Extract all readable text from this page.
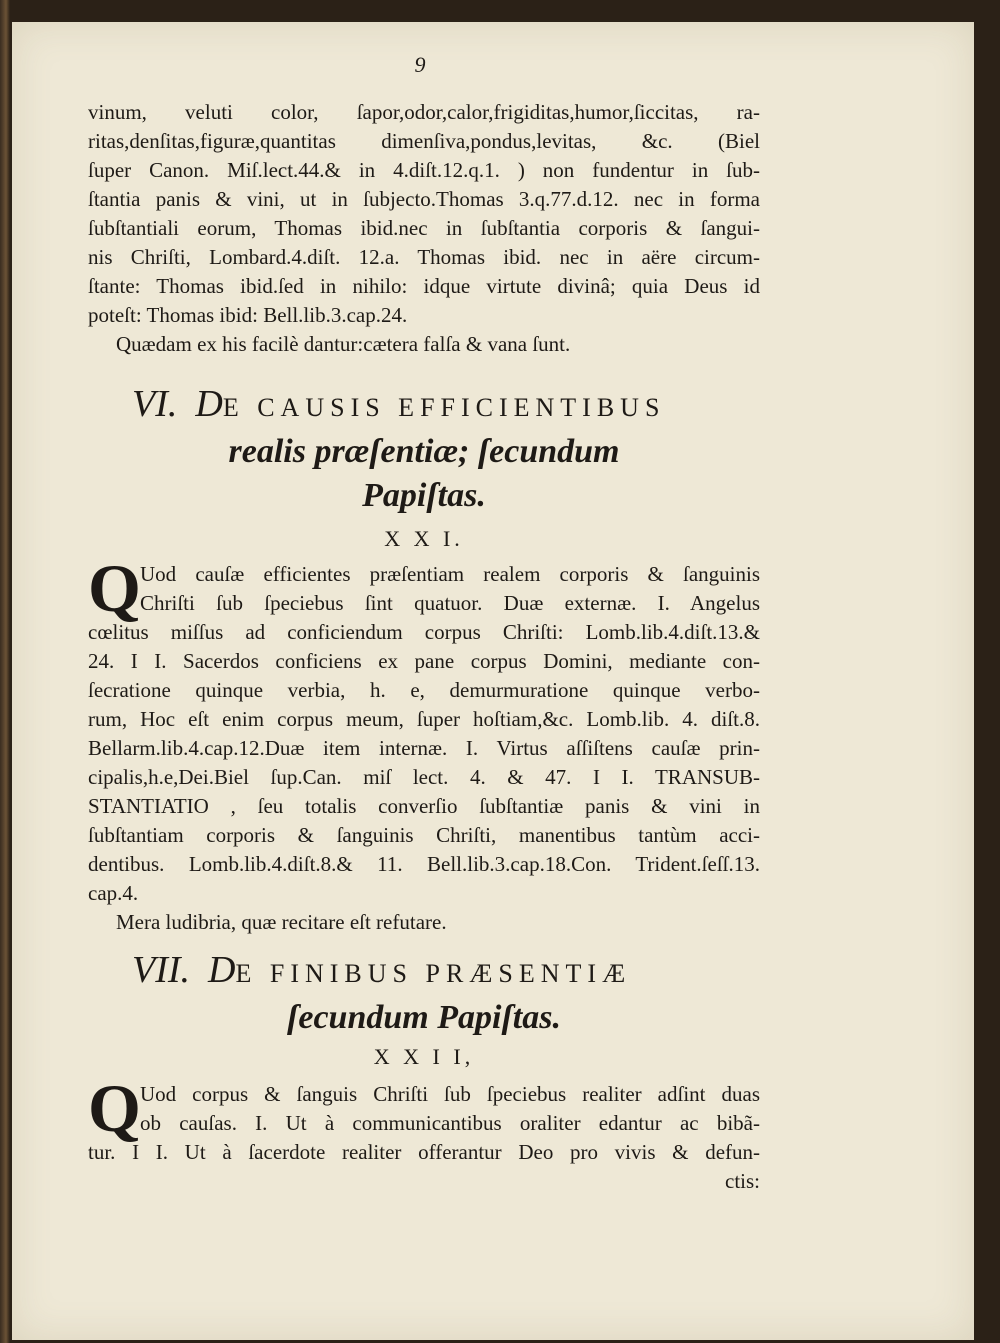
9
vinum, veluti color, ſapor,odor,calor,frigiditas,humor,ſiccitas, ra-
ritas,denſitas,figuræ,quantitas dimenſiva,pondus,levitas, &c. (Biel
ſuper Canon. Miſ.lect.44.& in 4.diſt.12.q.1. ) non fundentur in ſub-
ſtantia panis & vini, ut in ſubjecto.Thomas 3.q.77.d.12. nec in forma
ſubſtantiali eorum, Thomas ibid.nec in ſubſtantia corporis & ſangui-
nis Chriſti, Lombard.4.diſt. 12.a. Thomas ibid. nec in aëre circum-
ſtante: Thomas ibid.ſed in nihilo: idque virtute divinâ; quia Deus id
poteſt: Thomas ibid: Bell.lib.3.cap.24.
Quædam ex his facilè dantur:cætera falſa & vana ſunt.
VI. DE CAUSIS EFFICIENTIBUS
realis præſentiæ; ſecundum
Papiſtas.
X X I.
Q Uod cauſæ efficientes præſentiam realem corporis & ſanguinis
Chriſti ſub ſpeciebus ſint quatuor. Duæ externæ. I. Angelus
cœlitus miſſus ad conficiendum corpus Chriſti: Lomb.lib.4.diſt.13.&
24. I I. Sacerdos conficiens ex pane corpus Domini, mediante con-
ſecratione quinque verbia, h. e, demurmuratione quinque verbo-
rum, Hoc eſt enim corpus meum, ſuper hoſtiam,&c. Lomb.lib. 4. diſt.8.
Bellarm.lib.4.cap.12.Duæ item internæ. I. Virtus aſſiſtens cauſæ prin-
cipalis,h.e,Dei.Biel ſup.Can. miſ lect. 4. & 47. I I. TRANSUB-
STANTIATIO , ſeu totalis converſio ſubſtantiæ panis & vini in
ſubſtantiam corporis & ſanguinis Chriſti, manentibus tantùm acci-
dentibus. Lomb.lib.4.diſt.8.& 11. Bell.lib.3.cap.18.Con. Trident.ſeſſ.13.
cap.4.
Mera ludibria, quæ recitare eſt refutare.
VII. DE FINIBUS PRÆSENTIÆ
ſecundum Papiſtas.
X X I I,
Q Uod corpus & ſanguis Chriſti ſub ſpeciebus realiter adſint duas
ob cauſas. I. Ut à communicantibus oraliter edantur ac bibã-
tur. I I. Ut à ſacerdote realiter offerantur Deo pro vivis & defun-
ctis:
